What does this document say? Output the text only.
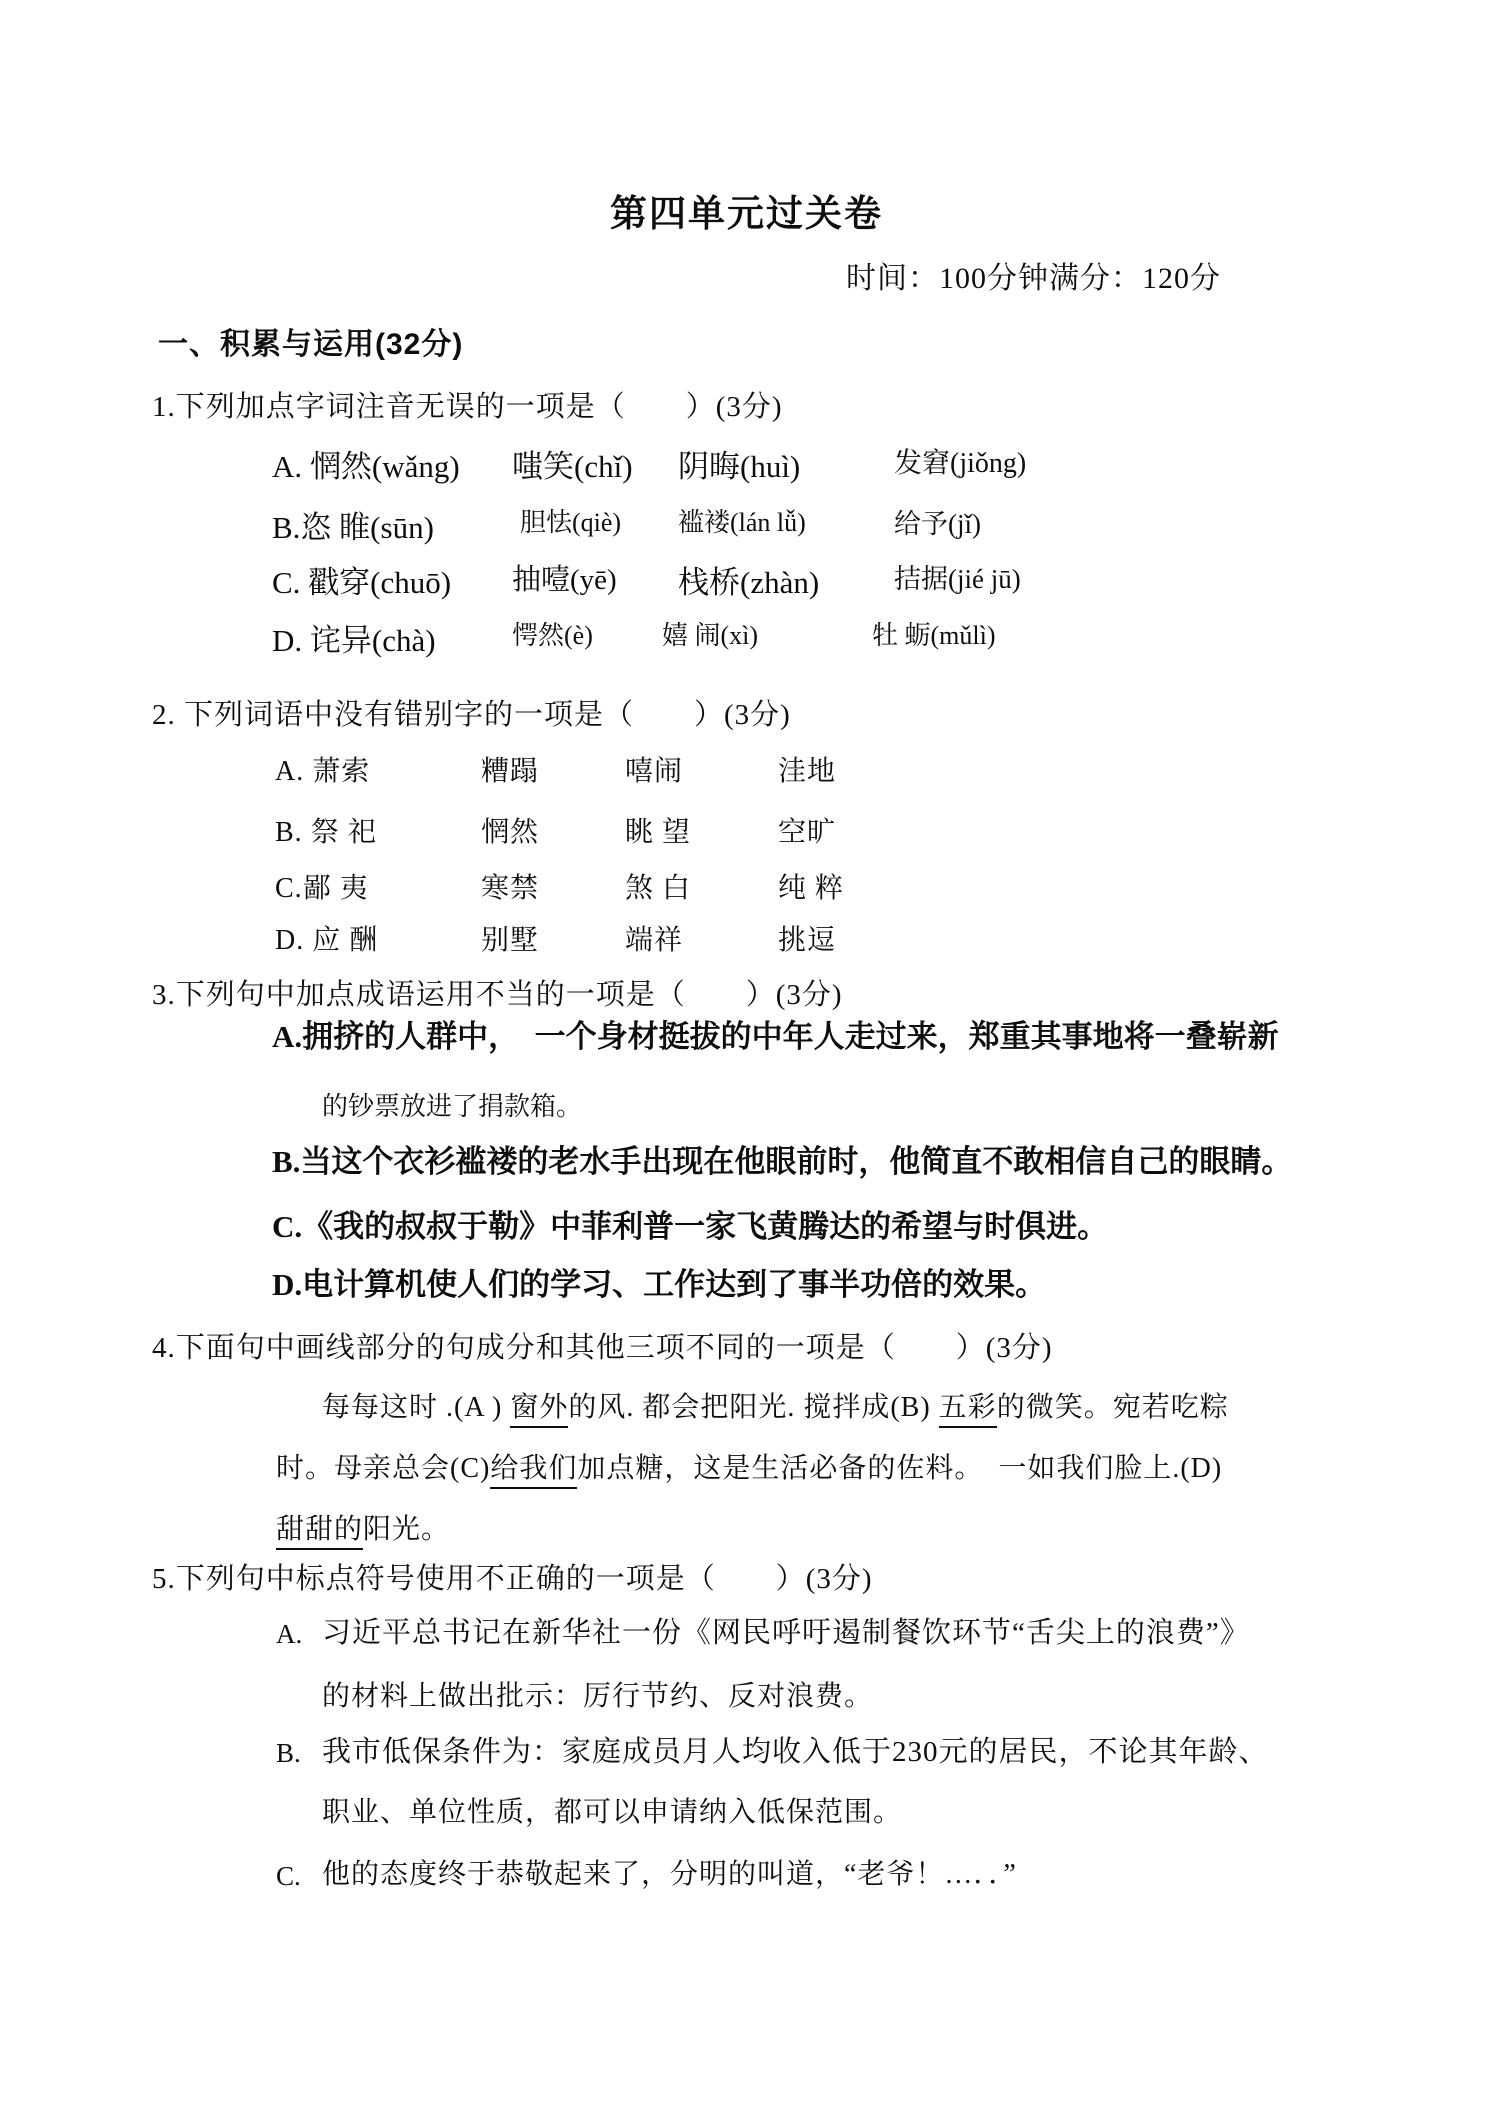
第四单元过关卷
时间：100分钟满分：120分
一、积累与运用(32分)
1.下列加点字词注音无误的一项是（　　）(3分)
A. 惘然(wǎng) 嗤笑(chǐ) 阴晦(huì)	发窘(jiǒng)
B.恣 睢(sūn)	胆怯(qiè) 褴褛(lán lǚ)	给予(jǐ)
C. 戳穿(chuō) 抽噎(yē) 栈桥(zhàn)	拮据(jié jū)
D. 诧异(chà)	愕然(è)	嬉 闹(xì)	牡 蛎(mǔlì)
2. 下列词语中没有错别字的一项是（　　）(3分)
A. 萧索	糟蹋	嘻闹	洼地
B. 祭 祀	惘然	眺 望	空旷
C.鄙 夷	寒禁	煞 白	纯 粹
D. 应 酬	别墅	端祥	挑逗
3.下列句中加点成语运用不当的一项是（　　）(3分)
A.拥挤的人群中，　一个身材挺拔的中年人走过来，郑重其事地将一叠崭新
的钞票放进了捐款箱。
B.当这个衣衫褴褛的老水手出现在他眼前时，他简直不敢相信自己的眼睛。
C.《我的叔叔于勒》中菲利普一家飞黄腾达的希望与时俱进。
D.电计算机使人们的学习、工作达到了事半功倍的效果。
4.下面句中画线部分的句成分和其他三项不同的一项是（　　）(3分)
每每这时 .(A ) 窗外的风. 都会把阳光. 搅拌成(B) 五彩的微笑。宛若吃粽
时。母亲总会(C)给我们加点糖，这是生活必备的佐料。　一如我们脸上.(D)
甜甜的阳光。
5.下列句中标点符号使用不正确的一项是（　　）(3分)
A. 习近平总书记在新华社一份《网民呼吁遏制餐饮环节“舌尖上的浪费”》
的材料上做出批示：厉行节约、反对浪费。
B. 我市低保条件为：家庭成员月人均收入低于230元的居民，不论其年龄、
职业、单位性质，都可以申请纳入低保范围。
C. 他的态度终于恭敬起来了，分明的叫道，“老爷！…．．”
